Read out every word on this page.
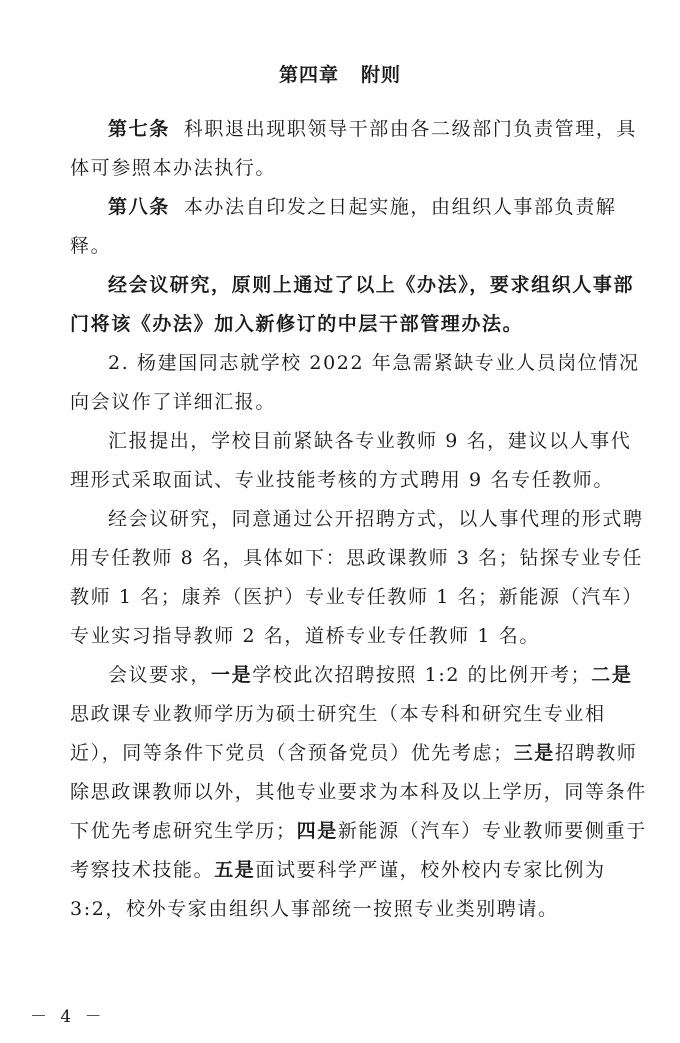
第四章 附则

第七条 科职退出现职领导干部由各二级部门负责管理，具体可参照本办法执行。

第八条 本办法自印发之日起实施，由组织人事部负责解释。

经会议研究，原则上通过了以上《办法》，要求组织人事部门将该《办法》加入新修订的中层干部管理办法。

2. 杨建国同志就学校 2022 年急需紧缺专业人员岗位情况向会议作了详细汇报。

汇报提出，学校目前紧缺各专业教师 9 名，建议以人事代理形式采取面试、专业技能考核的方式聘用 9 名专任教师。

经会议研究，同意通过公开招聘方式，以人事代理的形式聘用专任教师 8 名，具体如下：思政课教师 3 名；钻探专业专任教师 1 名；康养（医护）专业专任教师 1 名；新能源（汽车）专业实习指导教师 2 名，道桥专业专任教师 1 名。

会议要求，一是学校此次招聘按照 1:2 的比例开考；二是思政课专业教师学历为硕士研究生（本专科和研究生专业相近），同等条件下党员（含预备党员）优先考虑；三是招聘教师除思政课教师以外，其他专业要求为本科及以上学历，同等条件下优先考虑研究生学历；四是新能源（汽车）专业教师要侧重于考察技术技能。五是面试要科学严谨，校外校内专家比例为 3:2，校外专家由组织人事部统一按照专业类别聘请。

－ 4 －
